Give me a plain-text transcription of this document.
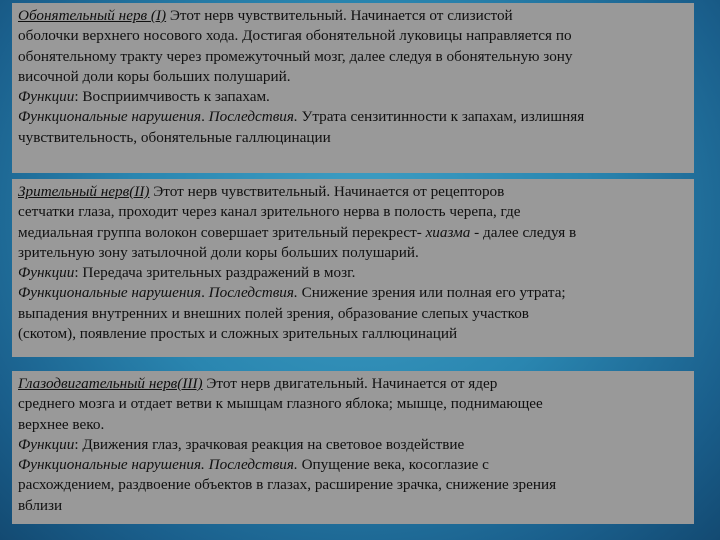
Обонятельный нерв (I) Этот нерв чувствительный. Начинается от слизистой
оболочки верхнего носового хода. Достигая обонятельной луковицы направляется по
обонятельному тракту через промежуточный мозг, далее следуя в обонятельную зону
височной доли коры больших полушарий.
Функции: Восприимчивость к запахам.
Функциональные нарушения. Последствия. Утрата сензитинности к запахам, излишняя
чувствительность, обонятельные галлюцинации
Зрительный нерв(II) Этот нерв чувствительный. Начинается от рецепторов
сетчатки глаза, проходит через канал зрительного нерва в полость черепа, где
медиальная группа волокон совершает зрительный перекрест- хиазма - далее следуя в
зрительную зону затылочной доли коры больших полушарий.
Функции: Передача зрительных раздражений в мозг.
Функциональные нарушения. Последствия. Снижение зрения или полная его утрата;
выпадения внутренних и внешних полей зрения, образование слепых участков
(скотом), появление простых и сложных зрительных галлюцинаций
Глазодвигательный нерв(III) Этот нерв двигательный. Начинается от ядер
среднего мозга и отдает ветви к мышцам глазного яблока; мышце, поднимающее
верхнее веко.
Функции: Движения глаз, зрачковая реакция на световое воздействие
Функциональные нарушения. Последствия. Опущение века, косоглазие с
расхождением, раздвоение объектов в глазах, расширение зрачка, снижение зрения
вблизи
